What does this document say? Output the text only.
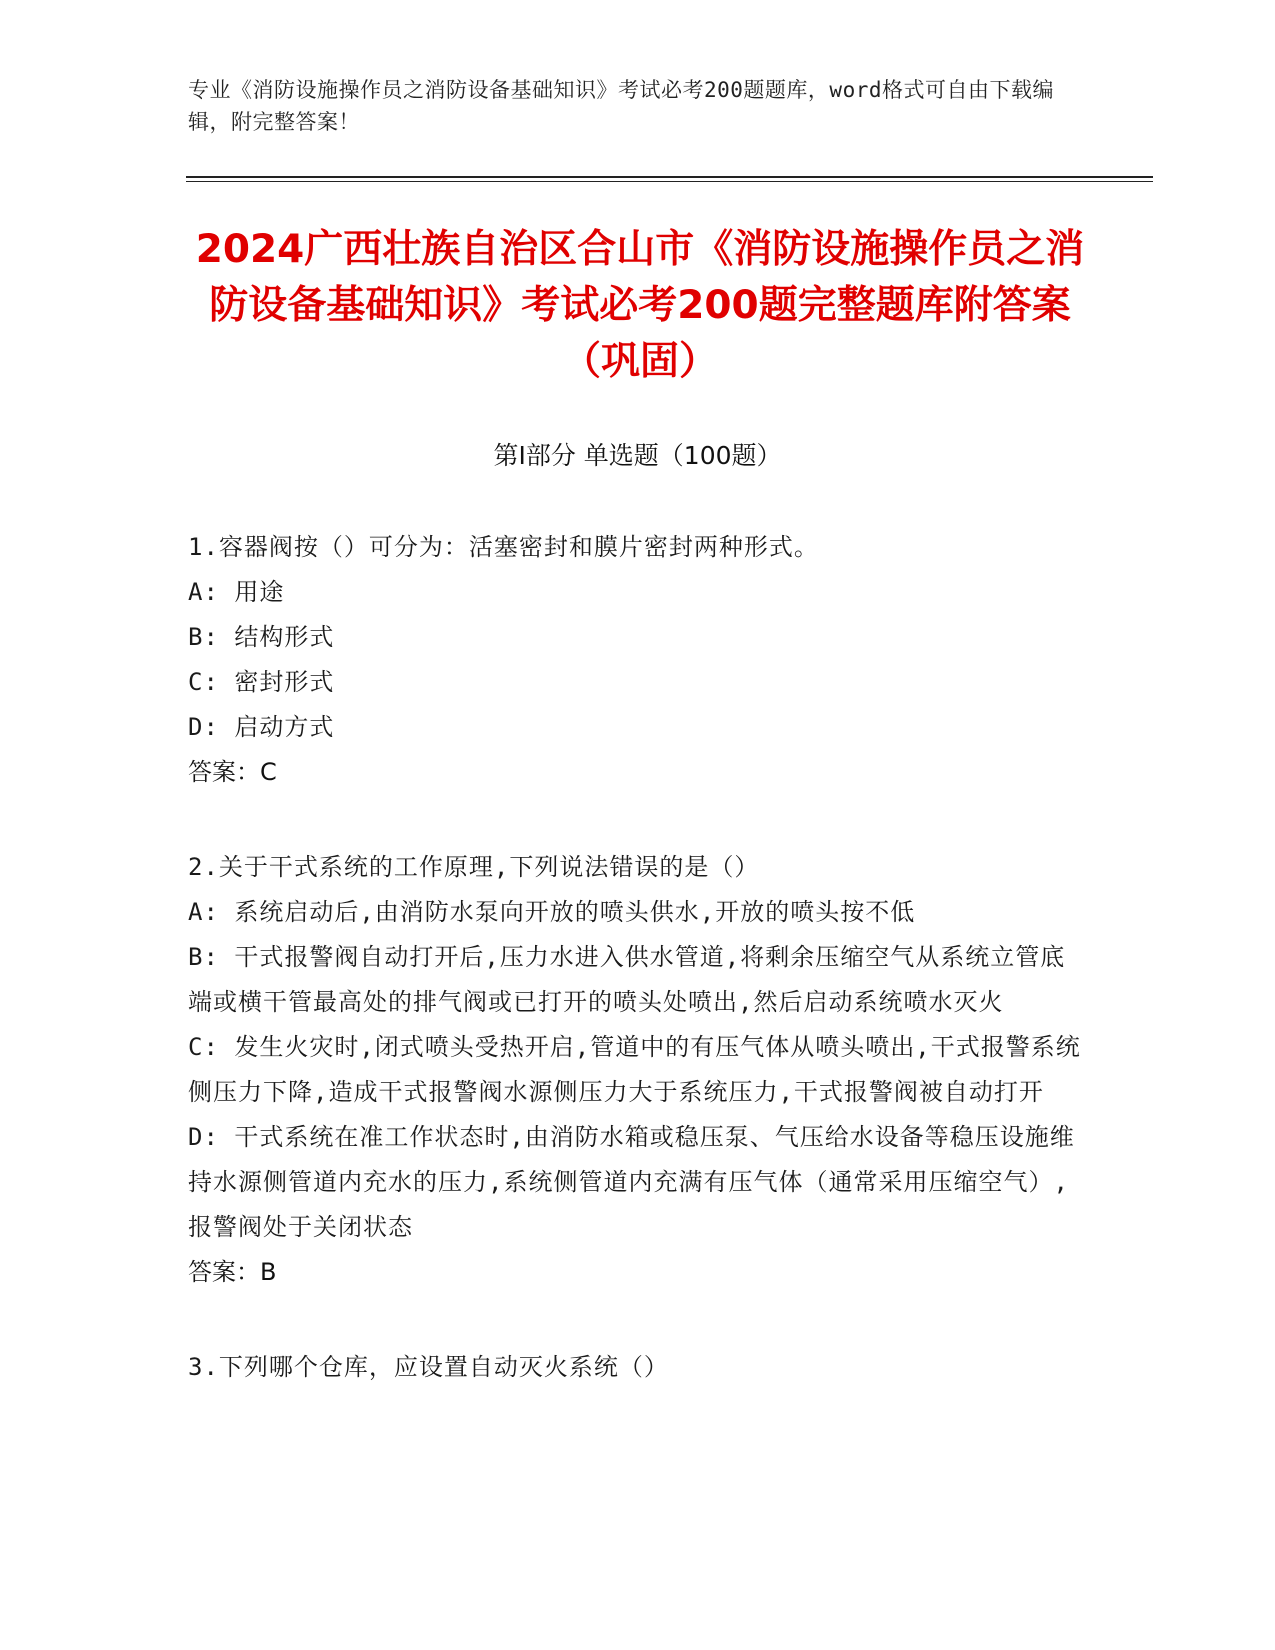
专业《消防设施操作员之消防设备基础知识》考试必考200题题库，word格式可自由下载编辑，附完整答案！
2024广西壮族自治区合山市《消防设施操作员之消防设备基础知识》考试必考200题完整题库附答案（巩固）
第Ⅰ部分 单选题（100题）
1.容器阀按（）可分为：活塞密封和膜片密封两种形式。
A: 用途
B: 结构形式
C: 密封形式
D: 启动方式
答案：C
2.关于干式系统的工作原理,下列说法错误的是（）
A: 系统启动后,由消防水泵向开放的喷头供水,开放的喷头按不低
B: 干式报警阀自动打开后,压力水进入供水管道,将剩余压缩空气从系统立管底端或横干管最高处的排气阀或已打开的喷头处喷出,然后启动系统喷水灭火
C: 发生火灾时,闭式喷头受热开启,管道中的有压气体从喷头喷出,干式报警系统侧压力下降,造成干式报警阀水源侧压力大于系统压力,干式报警阀被自动打开
D: 干式系统在准工作状态时,由消防水箱或稳压泵、气压给水设备等稳压设施维持水源侧管道内充水的压力,系统侧管道内充满有压气体（通常采用压缩空气）,报警阀处于关闭状态
答案：B
3.下列哪个仓库，应设置自动灭火系统（）
